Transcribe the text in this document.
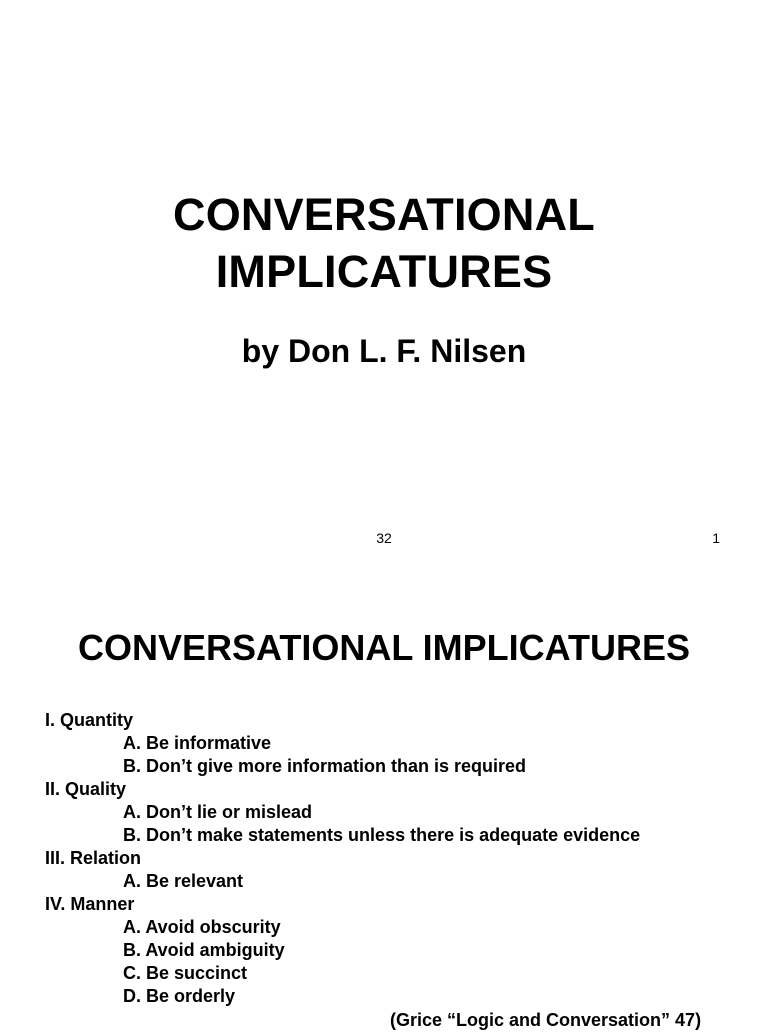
CONVERSATIONAL
IMPLICATURES
by Don L. F. Nilsen
32	1
CONVERSATIONAL IMPLICATURES
I. Quantity
A. Be informative
B. Don’t give more information than is required
II. Quality
A. Don’t lie or mislead
B. Don’t make statements unless there is adequate evidence
III. Relation
A. Be relevant
IV. Manner
A. Avoid obscurity
B. Avoid ambiguity
C. Be succinct
D. Be orderly
(Grice “Logic and Conversation” 47)
